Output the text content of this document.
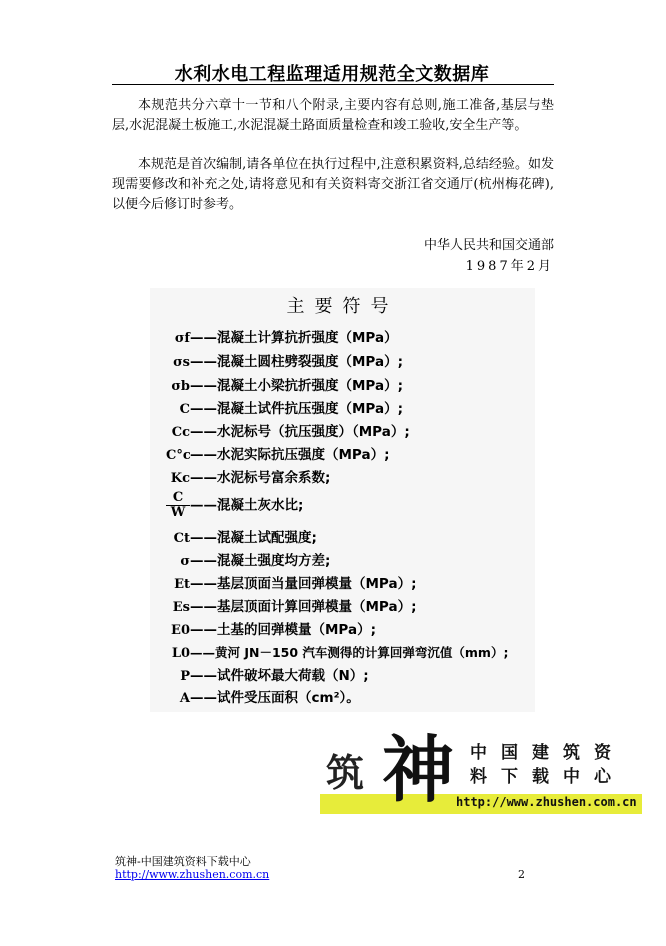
水利水电工程监理适用规范全文数据库
本规范共分六章十一节和八个附录,主要内容有总则,施工准备,基层与垫层,水泥混凝土板施工,水泥混凝土路面质量检查和竣工验收,安全生产等。
本规范是首次编制,请各单位在执行过程中,注意积累资料,总结经验。如发现需要修改和补充之处,请将意见和有关资料寄交浙江省交通厅(杭州梅花碑),以便今后修订时参考。
中华人民共和国交通部
1987年2月
主要符号
σf——混凝土计算抗折强度（MPa）
σs——混凝土圆柱劈裂强度（MPa）;
σb——混凝土小梁抗折强度（MPa）;
C——混凝土试件抗压强度（MPa）;
Cc——水泥标号（抗压强度）（MPa）;
C°c——水泥实际抗压强度（MPa）;
Kc——水泥标号富余系数;
$\frac{C}{W}$ ——混凝土灰水比;
Ct——混凝土试配强度;
σ——混凝土强度均方差;
Et——基层顶面当量回弹模量（MPa）;
Es——基层顶面计算回弹模量（MPa）;
E0——土基的回弹模量（MPa）;
L0——黄河 JN－150 汽车测得的计算回弹弯沉值（mm）;
P——试件破坏最大荷载（N）;
A——试件受压面积（cm²）。
筑 神 中国建筑资
料下载中心
http://www.zhushen.com.cn
筑神-中国建筑资料下载中心
http://www.zhushen.com.cn	2
